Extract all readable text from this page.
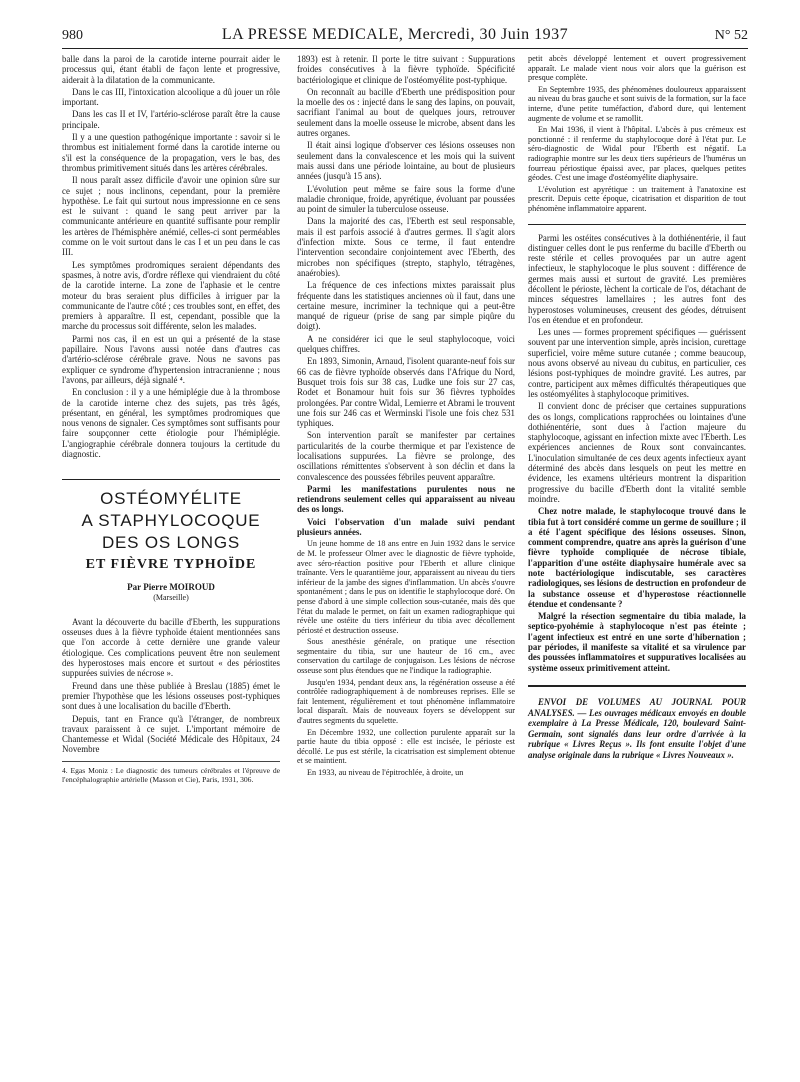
980	LA PRESSE MEDICALE, Mercredi, 30 Juin 1937	N° 52

balle dans la paroi de la carotide interne pourrait aider le processus qui, étant établi de façon lente et progressive, aiderait à la dilatation de la communicante.

Dans le cas III, l'intoxication alcoolique a dû jouer un rôle important.

Dans les cas II et IV, l'artério-sclérose paraît être la cause principale.

Il y a une question pathogénique importante : savoir si le thrombus est initialement formé dans la carotide interne ou s'il est la conséquence de la propagation, vers le bas, des thrombus primitivement situés dans les artères cérébrales.

Il nous paraît assez difficile d'avoir une opinion sûre sur ce sujet ; nous inclinons, cependant, pour la première hypothèse. Le fait qui surtout nous impressionne en ce sens est le suivant : quand le sang peut arriver par la communicante antérieure en quantité suffisante pour remplir les artères de l'hémisphère anémié, celles-ci sont perméables comme on le voit surtout dans le cas I et un peu dans le cas III.

Les symptômes prodromiques seraient dépendants des spasmes, à notre avis, d'ordre réflexe qui viendraient du côté de la carotide interne. La zone de l'aphasie et le centre moteur du bras seraient plus difficiles à irriguer par la communicante de l'autre côté ; ces troubles sont, en effet, des premiers à apparaître. Il est, cependant, possible que la marche du processus soit différente, selon les malades.

Parmi nos cas, il en est un qui a présenté de la stase papillaire. Nous l'avons aussi notée dans d'autres cas d'artério-sclérose cérébrale grave. Nous ne savons pas expliquer ce syndrome d'hypertension intracranienne ; nous l'avons, par ailleurs, déjà signalé ⁴.

En conclusion : il y a une hémiplégie due à la thrombose de la carotide interne chez des sujets, pas très âgés, présentant, en général, les symptômes prodromiques que nous venons de signaler. Ces symptômes sont suffisants pour faire soupçonner cette étiologie pour l'hémiplégie. L'angiographie cérébrale donnera toujours la certitude du diagnostic.

OSTÉOMYÉLITE
A STAPHYLOCOQUE
DES OS LONGS
ET FIÈVRE TYPHOÏDE
Par Pierre MOIROUD
(Marseille)

Avant la découverte du bacille d'Eberth, les suppurations osseuses dues à la fièvre typhoïde étaient mentionnées sans que l'on accorde à cette dernière une grande valeur étiologique. Ces complications peuvent être non seulement des hyperostoses mais encore et surtout « des périostites suppurées suivies de nécrose ».

Freund dans une thèse publiée à Breslau (1885) émet le premier l'hypothèse que les lésions osseuses post-typhiques sont dues à une localisation du bacille d'Eberth.

Depuis, tant en France qu'à l'étranger, de nombreux travaux paraissent à ce sujet. L'important mémoire de Chantemesse et Widal (Société Médicale des Hôpitaux, 24 Novembre

4. Egas Moniz : Le diagnostic des tumeurs cérébrales et l'épreuve de l'encéphalographie artérielle (Masson et Cie), Paris, 1931, 306.

1893) est à retenir. Il porte le titre suivant : Suppurations froides consécutives à la fièvre typhoïde. Spécificité bactériologique et clinique de l'ostéomyélite post-typhique.

On reconnaît au bacille d'Eberth une prédisposition pour la moelle des os : injecté dans le sang des lapins, on pouvait, sacrifiant l'animal au bout de quelques jours, retrouver seulement dans la moelle osseuse le microbe, absent dans les autres organes.

Il était ainsi logique d'observer ces lésions osseuses non seulement dans la convalescence et les mois qui la suivent mais aussi dans une période lointaine, au bout de plusieurs années (jusqu'à 15 ans).

L'évolution peut même se faire sous la forme d'une maladie chronique, froide, apyrétique, évoluant par poussées au point de simuler la tuberculose osseuse.

Dans la majorité des cas, l'Eberth est seul responsable, mais il est parfois associé à d'autres germes. Il s'agit alors d'infection mixte. Sous ce terme, il faut entendre l'intervention secondaire conjointement avec l'Eberth, des microbes non spécifiques (strepto, staphylo, tétragènes, anaérobies).

La fréquence de ces infections mixtes paraissait plus fréquente dans les statistiques anciennes où il faut, dans une certaine mesure, incriminer la technique qui a peut-être manqué de rigueur (prise de sang par simple piqûre du doigt).

A ne considérer ici que le seul staphylocoque, voici quelques chiffres.

En 1893, Simonin, Arnaud, l'isolent quarante-neuf fois sur 66 cas de fièvre typhoïde observés dans l'Afrique du Nord, Busquet trois fois sur 38 cas, Ludke une fois sur 27 cas, Rodet et Bonamour huit fois sur 36 fièvres typhoïdes prolongées. Par contre Widal, Lemierre et Abrami le trouvent une fois sur 246 cas et Werminski l'isole une fois chez 531 typhiques.

Son intervention paraît se manifester par certaines particularités de la courbe thermique et par l'existence de localisations suppurées. La fièvre se prolonge, des oscillations rémittentes s'observent à son déclin et dans la convalescence des poussées fébriles peuvent apparaître.

Parmi les manifestations purulentes nous ne retiendrons seulement celles qui apparaissent au niveau des os longs.

Voici l'observation d'un malade suivi pendant plusieurs années.

Un jeune homme de 18 ans entre en Juin 1932 dans le service de M. le professeur Olmer avec le diagnostic de fièvre typhoïde, avec séro-réaction positive pour l'Eberth et allure clinique traînante. Vers le quarantième jour, apparaissent au niveau du tiers inférieur de la jambe des signes d'inflammation. Un abcès s'ouvre spontanément ; dans le pus on identifie le staphylocoque doré. On pense d'abord à une simple collection sous-cutanée, mais dès que l'état du malade le permet, on fait un examen radiographique qui révèle une ostéite du tiers inférieur du tibia avec décollement périosté et destruction osseuse.

Sous anesthésie générale, on pratique une résection segmentaire du tibia, sur une hauteur de 16 cm., avec conservation du cartilage de conjugaison. Les lésions de nécrose osseuse sont plus étendues que ne l'indique la radiographie.

Jusqu'en 1934, pendant deux ans, la régénération osseuse a été contrôlée radiographiquement à de nombreuses reprises. Elle se fait lentement, régulièrement et tout phénomène inflammatoire local disparaît. Mais de nouveaux foyers se développent sur d'autres segments du squelette.

En Décembre 1932, une collection purulente apparaît sur la partie haute du tibia opposé : elle est incisée, le périoste est décollé. Le pus est stérile, la cicatrisation est simplement obtenue et se maintient.

En 1933, au niveau de l'épitrochlée, à droite, un

petit abcès développé lentement et ouvert progressivement apparaît. Le malade vient nous voir alors que la guérison est presque complète.

En Septembre 1935, des phénomènes douloureux apparaissent au niveau du bras gauche et sont suivis de la formation, sur la face interne, d'une petite tuméfaction, d'abord dure, qui lentement augmente de volume et se ramollit.

En Mai 1936, il vient à l'hôpital. L'abcès à pus crémeux est ponctionné : il renferme du staphylocoque doré à l'état pur. Le séro-diagnostic de Widal pour l'Eberth est négatif. La radiographie montre sur les deux tiers supérieurs de l'humérus un fourreau périostique épaissi avec, par places, quelques petites géodes. C'est une image d'ostéomyélite diaphysaire.

L'évolution est apyrétique : un traitement à l'anatoxine est prescrit. Depuis cette époque, cicatrisation et disparition de tout phénomène inflammatoire apparent.

Parmi les ostéites consécutives à la dothiénentérie, il faut distinguer celles dont le pus renferme du bacille d'Eberth ou reste stérile et celles provoquées par un autre agent infectieux, le staphylocoque le plus souvent : différence de germes mais aussi et surtout de gravité. Les premières décollent le périoste, lèchent la corticale de l'os, détachant de minces séquestres lamellaires ; les autres font des hyperostoses volumineuses, creusent des géodes, détruisent l'os en étendue et en profondeur.

Les unes — formes proprement spécifiques — guérissent souvent par une intervention simple, après incision, curettage superficiel, voire même suture cutanée ; comme beaucoup, nous avons observé au niveau du cubitus, en particulier, ces lésions post-typhiques de moindre gravité. Les autres, par contre, participent aux mêmes difficultés thérapeutiques que les ostéomyélites à staphylocoque primitives.

Il convient donc de préciser que certaines suppurations des os longs, complications rapprochées ou lointaines d'une dothiénentérie, sont dues à l'action majeure du staphylocoque, agissant en infection mixte avec l'Eberth. Les expériences anciennes de Roux sont convaincantes. L'inoculation simultanée de ces deux agents infectieux ayant déterminé des abcès dans lesquels on peut les mettre en évidence, les examens ultérieurs montrent la disparition progressive du bacille d'Eberth dont la vitalité semble moindre.

Chez notre malade, le staphylocoque trouvé dans le tibia fut à tort considéré comme un germe de souillure ; il a été l'agent spécifique des lésions osseuses. Sinon, comment comprendre, quatre ans après la guérison d'une fièvre typhoïde compliquée de nécrose tibiale, l'apparition d'une ostéite diaphysaire humérale avec sa note bactériologique indiscutable, ses caractères radiologiques, ses lésions de destruction en profondeur de la substance osseuse et d'hyperostose réactionnelle étendue et condensante ?

Malgré la résection segmentaire du tibia malade, la septico-pyohémie à staphylocoque n'est pas éteinte ; l'agent infectieux est entré en une sorte d'hibernation ; par périodes, il manifeste sa vitalité et sa virulence par des poussées inflammatoires et suppuratives localisées au système osseux primitivement atteint.

ENVOI DE VOLUMES AU JOURNAL POUR ANALYSES. — Les ouvrages médicaux envoyés en double exemplaire à La Presse Médicale, 120, boulevard Saint-Germain, sont signalés dans leur ordre d'arrivée à la rubrique « Livres Reçus ». Ils font ensuite l'objet d'une analyse originale dans la rubrique « Livres Nouveaux ».
